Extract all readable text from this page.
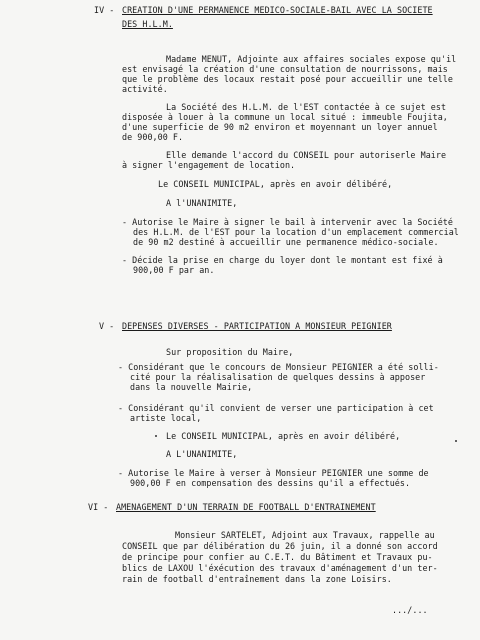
IV - CREATION D'UNE PERMANENCE MEDICO-SOCIALE-BAIL AVEC LA SOCIETE
DES H.L.M.
Madame MENUT, Adjointe aux affaires sociales expose qu'il
est envisagé la création d'une consultation de nourrissons, mais
que le problème des locaux restait posé pour accueillir une telle
activité.
La Société des H.L.M. de l'EST contactée à ce sujet est
disposée à louer à la commune un local situé : immeuble Foujita,
d'une superficie de 90 m2 environ et moyennant un loyer annuel
de 900,00 F.
Elle demande l'accord du CONSEIL pour autoriserle Maire
à signer l'engagement de location.
Le CONSEIL MUNICIPAL, après en avoir délibéré,
A l'UNANIMITE,
- Autorise le Maire à signer le bail à intervenir avec la Société
des H.L.M. de l'EST pour la location d'un emplacement commercial
de 90 m2 destiné à accueillir une permanence médico-sociale.
- Décide la prise en charge du loyer dont le montant est fixé à
900,00 F par an.
V - DEPENSES DIVERSES - PARTICIPATION A MONSIEUR PEIGNIER
Sur proposition du Maire,
- Considérant que le concours de Monsieur PEIGNIER a été solli-
cité pour la réalisalisation de quelques dessins à apposer
dans la nouvelle Mairie,
- Considérant qu'il convient de verser une participation à cet
artiste local,
Le CONSEIL MUNICIPAL, après en avoir délibéré,
A L'UNANIMITE,
- Autorise le Maire à verser à Monsieur PEIGNIER une somme de
900,00 F en compensation des dessins qu'il a effectués.
VI - AMENAGEMENT D'UN TERRAIN DE FOOTBALL D'ENTRAINEMENT
Monsieur SARTELET, Adjoint aux Travaux, rappelle au
CONSEIL que par délibération du 26 juin, il a donné son accord
de principe pour confier au C.E.T. du Bâtiment et Travaux pu-
blics de LAXOU l'éxécution des travaux d'aménagement d'un ter-
rain de football d'entraînement dans la zone Loisirs.
.../...
